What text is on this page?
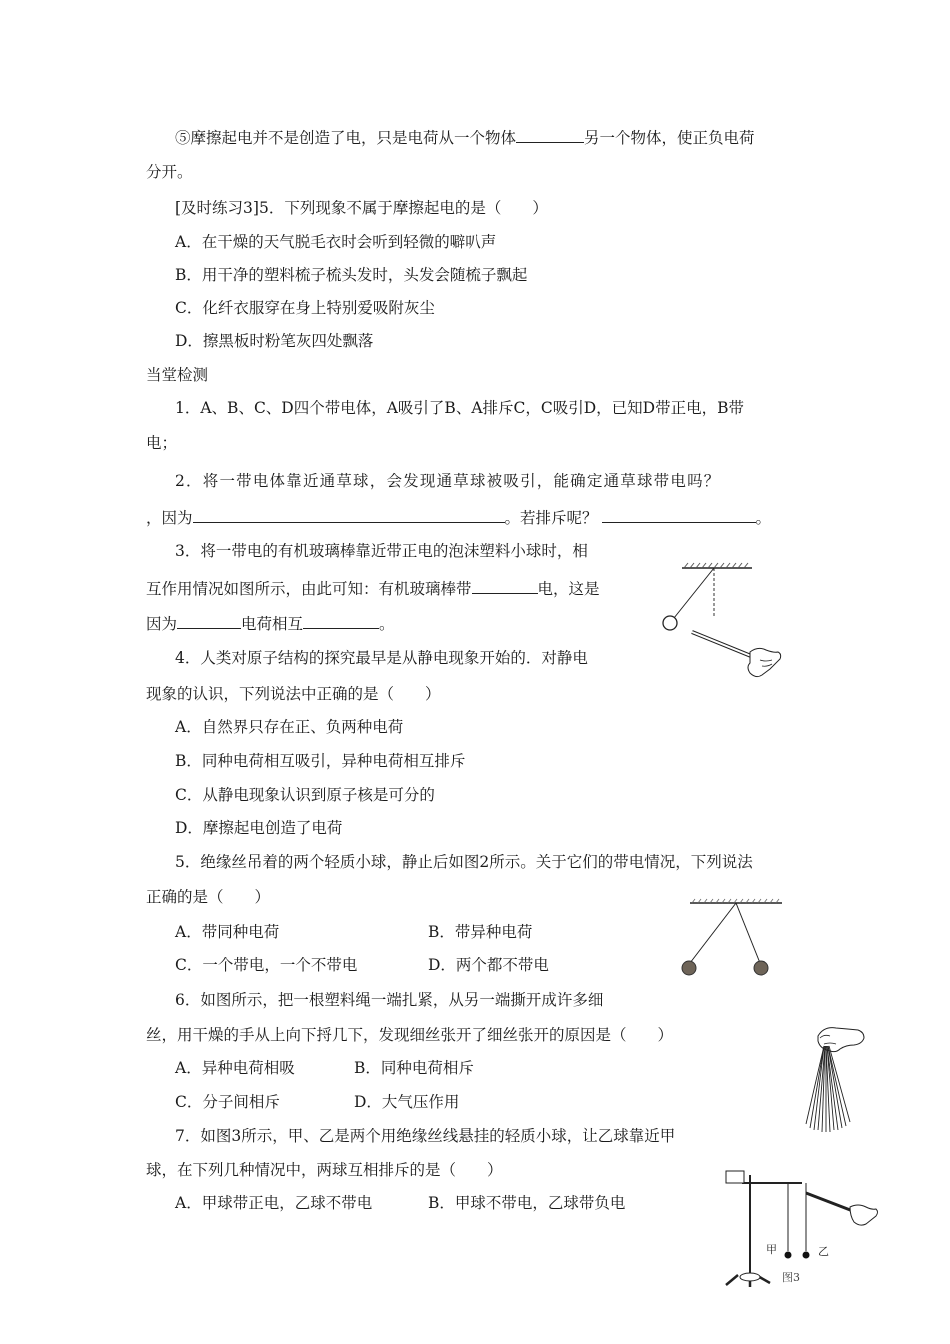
⑤摩擦起电并不是创造了电，只是电荷从一个物体	另一个物体，使正负电荷
分开。
[及时练习3]5．下列现象不属于摩擦起电的是（　　）
A．在干燥的天气脱毛衣时会听到轻微的噼叭声
B．用干净的塑料梳子梳头发时，头发会随梳子飘起
C．化纤衣服穿在身上特别爱吸附灰尘
D．擦黑板时粉笔灰四处飘落
当堂检测
1．A、B、C、D四个带电体，A吸引了B、A排斥C，C吸引D，已知D带正电，B带
电；
2．将一带电体靠近通草球，会发现通草球被吸引，能确定通草球带电吗？
，因为	。若排斥呢？	。
3．将一带电的有机玻璃棒靠近带正电的泡沫塑料小球时，相
互作用情况如图所示，由此可知：有机玻璃棒带	电，这是
因为	电荷相互	。
4．人类对原子结构的探究最早是从静电现象开始的．对静电
现象的认识，下列说法中正确的是（　　）
A．自然界只存在正、负两种电荷
B．同种电荷相互吸引，异种电荷相互排斥
C．从静电现象认识到原子核是可分的
D．摩擦起电创造了电荷
5．绝缘丝吊着的两个轻质小球，静止后如图2所示。关于它们的带电情况，下列说法
正确的是（　　）
A．带同种电荷	B．带异种电荷
C．一个带电，一个不带电	D．两个都不带电
6．如图所示，把一根塑料绳一端扎紧，从另一端撕开成许多细
丝，用干燥的手从上向下捋几下，发现细丝张开了细丝张开的原因是（　　）
A．异种电荷相吸	B．同种电荷相斥
C．分子间相斥	D．大气压作用
7．如图3所示，甲、乙是两个用绝缘丝线悬挂的轻质小球，让乙球靠近甲
球，在下列几种情况中，两球互相排斥的是（　　）
A．甲球带正电，乙球不带电	B．甲球不带电，乙球带负电
甲	乙
图3
